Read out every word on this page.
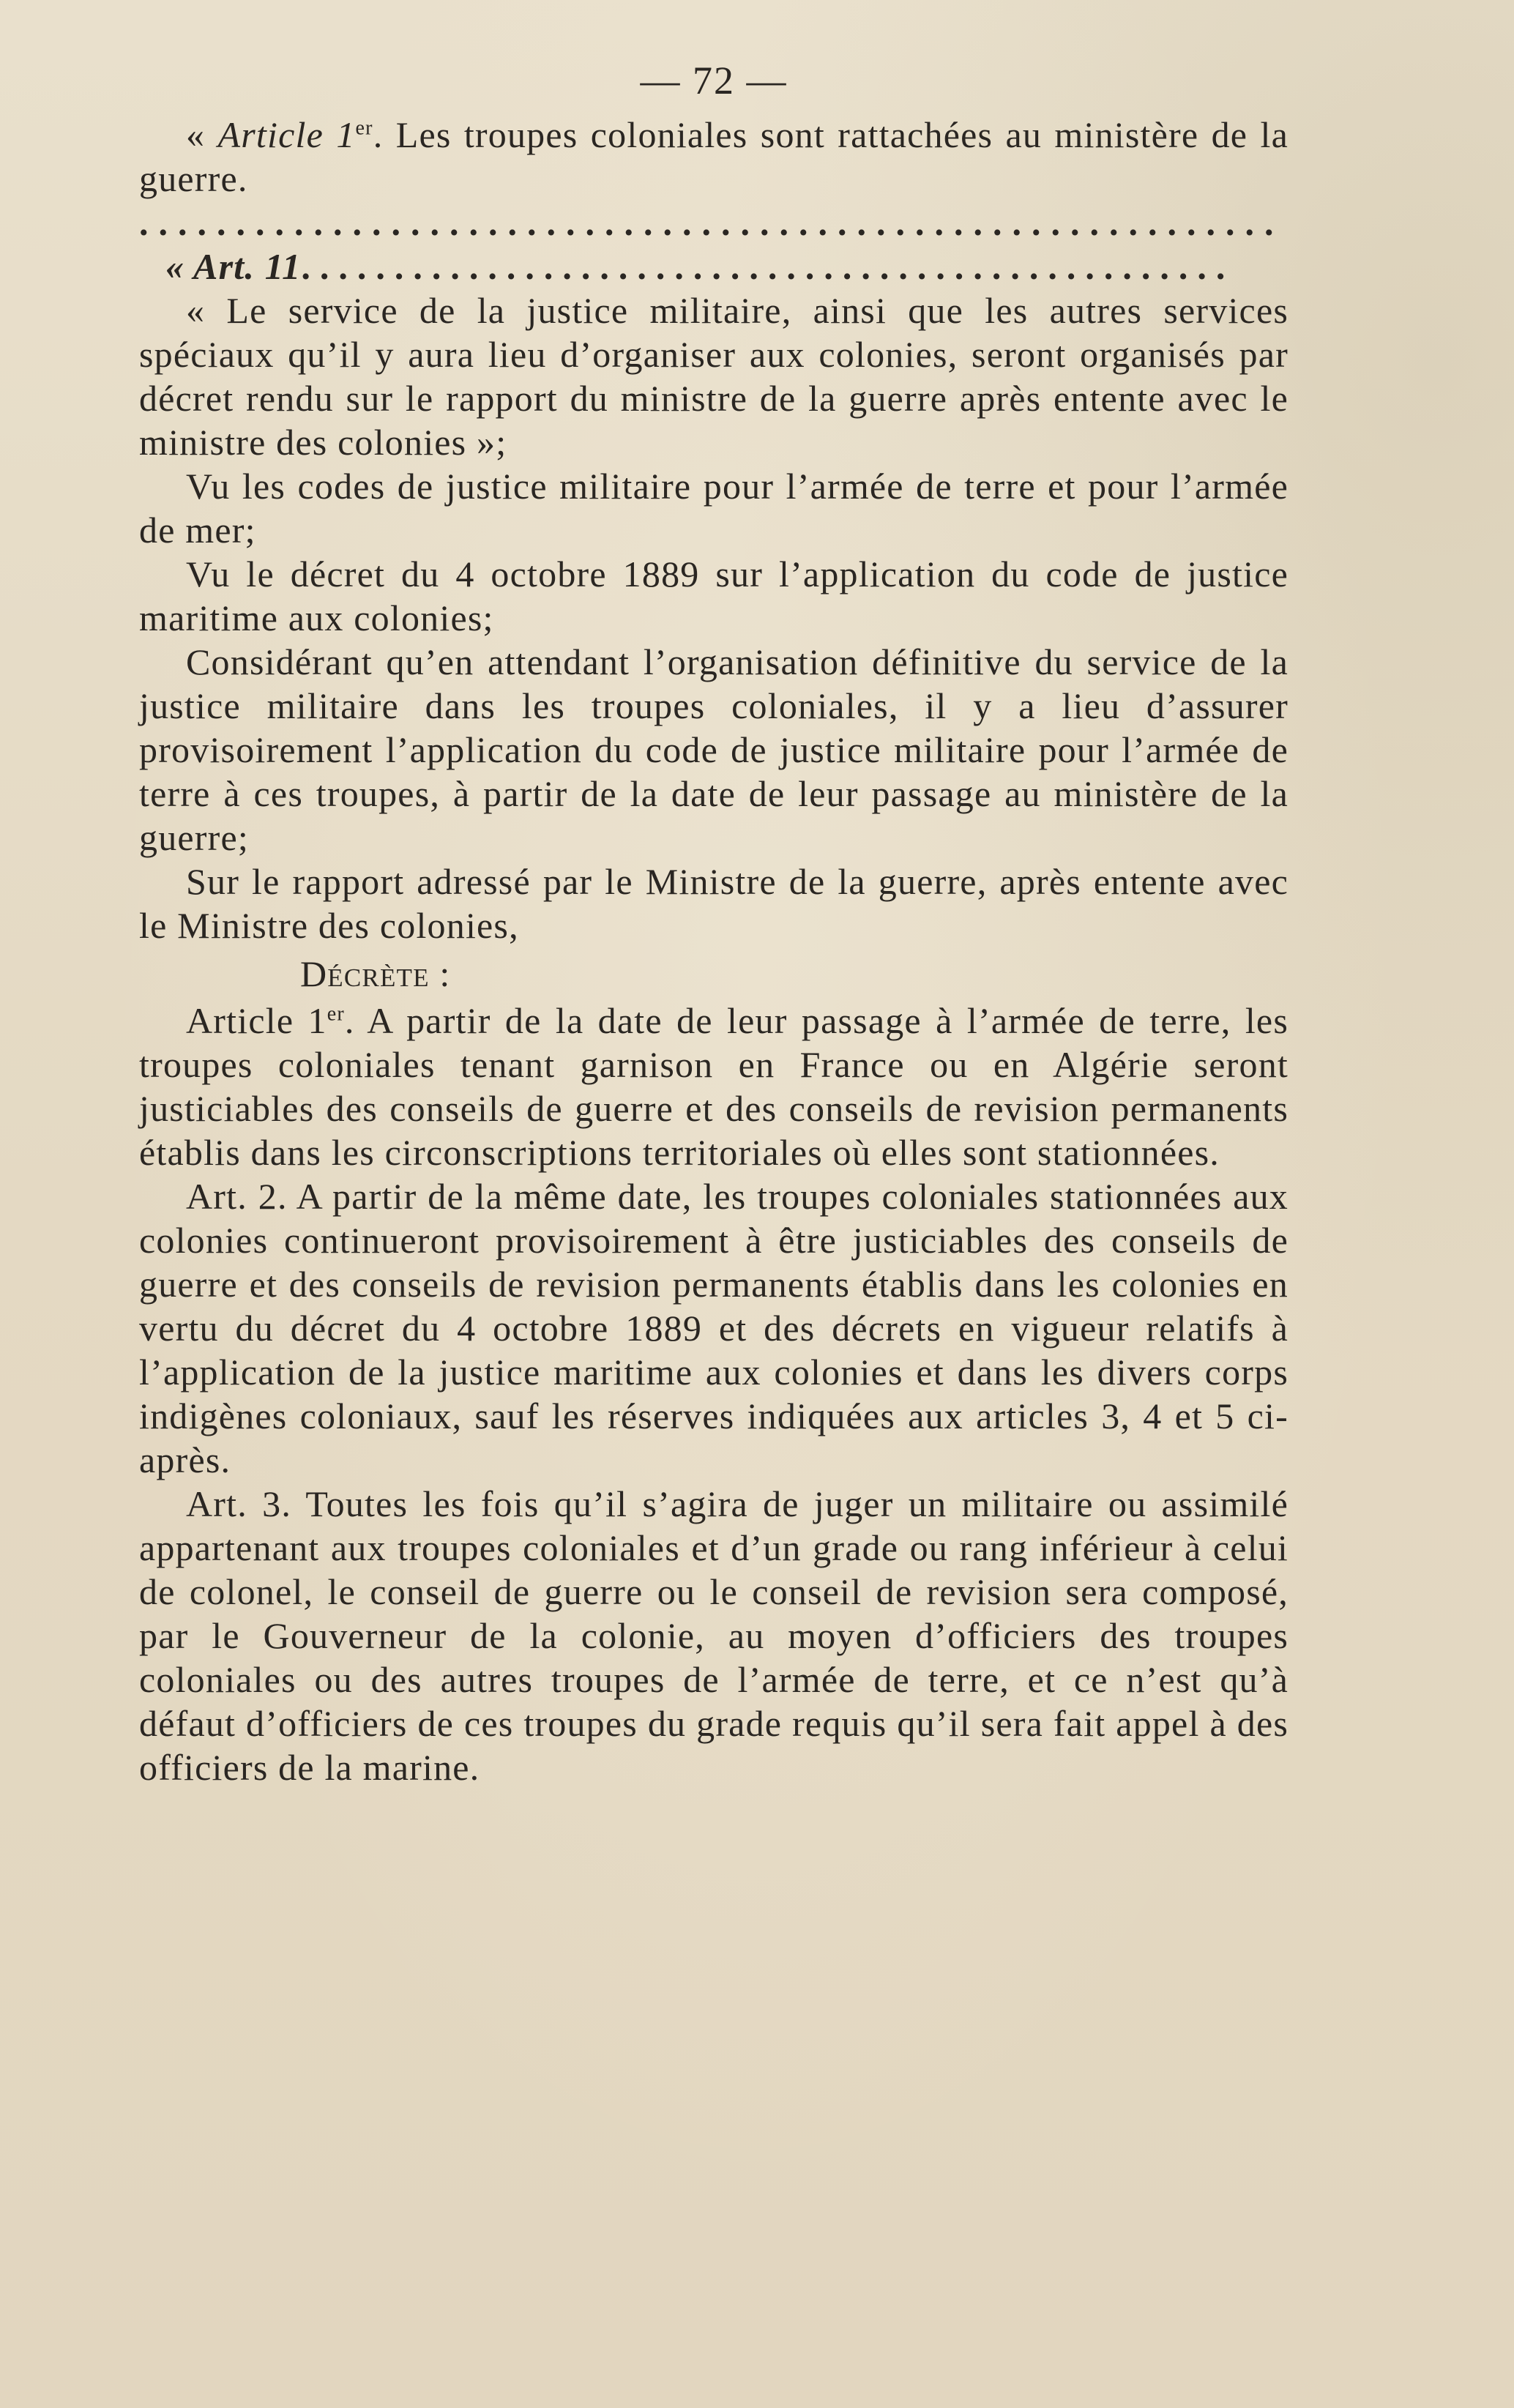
— 72 —

« Article 1er. Les troupes coloniales sont rattachées au ministère de la guerre.

...........................................................

« Art. 11..................................................

« Le service de la justice militaire, ainsi que les autres services spéciaux qu’il y aura lieu d’organiser aux colonies, seront organisés par décret rendu sur le rapport du ministre de la guerre après entente avec le ministre des colonies »;

Vu les codes de justice militaire pour l’armée de terre et pour l’armée de mer;

Vu le décret du 4 octobre 1889 sur l’application du code de justice maritime aux colonies;

Considérant qu’en attendant l’organisation définitive du service de la justice militaire dans les troupes coloniales, il y a lieu d’assurer provisoirement l’application du code de justice militaire pour l’armée de terre à ces troupes, à partir de la date de leur passage au ministère de la guerre;

Sur le rapport adressé par le Ministre de la guerre, après entente avec le Ministre des colonies,

Décrète :

Article 1er. A partir de la date de leur passage à l’armée de terre, les troupes coloniales tenant garnison en France ou en Algérie seront justiciables des conseils de guerre et des conseils de revision permanents établis dans les circonscriptions territoriales où elles sont stationnées.

Art. 2. A partir de la même date, les troupes coloniales stationnées aux colonies continueront provisoirement à être justiciables des conseils de guerre et des conseils de revision permanents établis dans les colonies en vertu du décret du 4 octobre 1889 et des décrets en vigueur relatifs à l’application de la justice maritime aux colonies et dans les divers corps indigènes coloniaux, sauf les réserves indiquées aux articles 3, 4 et 5 ci-après.

Art. 3. Toutes les fois qu’il s’agira de juger un militaire ou assimilé appartenant aux troupes coloniales et d’un grade ou rang inférieur à celui de colonel, le conseil de guerre ou le conseil de revision sera composé, par le Gouverneur de la colonie, au moyen d’officiers des troupes coloniales ou des autres troupes de l’armée de terre, et ce n’est qu’à défaut d’officiers de ces troupes du grade requis qu’il sera fait appel à des officiers de la marine.
